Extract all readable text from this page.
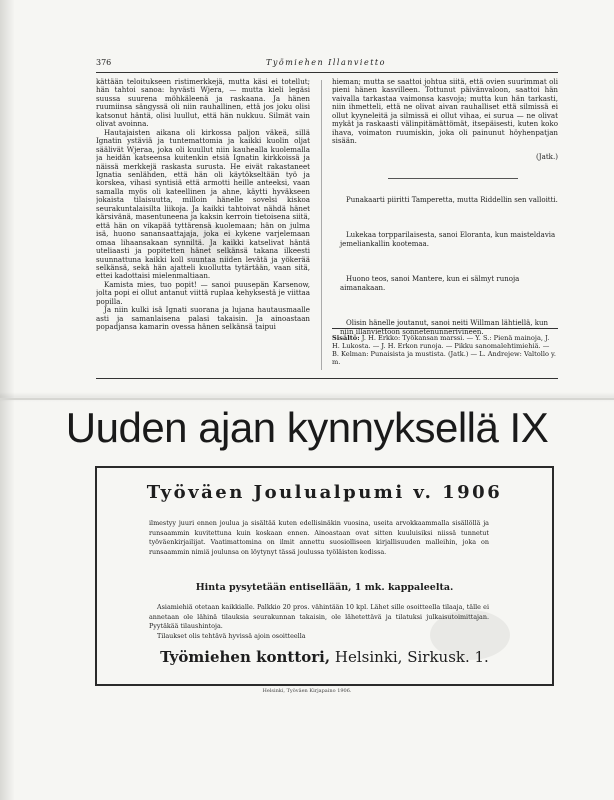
376	Työmiehen Illanvietto

kättään teloitukseen ristimerkkejä, mutta käsi ei totellut; hän tahtoi sanoa: hyvästi Wjera, — mutta kieli legäsi suussa suurena möhkäleenä ja raskaana. Ja hänen ruumiinsa sängyssä oli niin rauhallinen, että jos joku olisi katsonut häntä, olisi luullut, että hän nukkuu. Silmät vain olivat avoinna.

Hautajaisten aikana oli kirkossa paljon väkeä, sillä Ignatin ystäviä ja tuntemattomia ja kaikki kuolin oljat säälivät Wjeraa, joka oli kuullut niin kauhealla kuolemalla ja heidän katseensa kuitenkin etsiä Ignatin kirkkoissä ja näissä merkkejä raskasta surusta. He eivät rakastaneet Ignatia senlähden, että hän oli käytökseltään työ ja korskea, vihasi syntisiä että armotti heille anteeksi, vaan samalla myös oli kateellinen ja ahne, käytti hyväkseen jokaista tilaisuutta, milloin hänelle sovelsi kiskoa seurakuntalaisilta liikoja. Ja kaikki tahtoivat nähdä hänet kärsivänä, masentuneena ja kaksin kerroin tietoisena siitä, että hän on vikapää tyttärensä kuolemaan; hän on julma isä, huono sanansaattajaja, joka ei kykene varjelemaan omaa lihaansakaan synniltä. Ja kaikki katselivat häntä uteliaasti ja popitetten hänet selkänsä takana ilkeesti suunnattuna kaikki koll suuntaa niiden levätä ja yökerää selkänsä, sekä hän ajatteli kuollutta tytärtään, vaan sitä, ettei kadottaisi mielenmaltiaan.

Kamista mies, tuo popit! — sanoi puusepän Karsenow, jolta popi ei ollut antanut viittä ruplaa kehyksestä je viittaa popilla.

Ja niin kulki isä Ignati suorana ja lujana hautausmaalle asti ja samanlaisena palasi takaisin. Ja ainoastaan popadjansa kamarin ovessa hänen selkänsä taipui

hieman; mutta se saattoi johtua siitä, että ovien suurimmat oli pieni hänen kasvilleen. Tottunut päivänvaloon, saattoi hän vaivalla tarkastaa vaimonsa kasvoja; mutta kun hän tarkasti, niin ihmetteli, että ne olivat aivan rauhalliset että silmissä ei ollut kyyneleitä ja silmissä ei ollut vihaa, ei surua — ne olivat mykät ja raskaasti välinpitämättömät, itsepäisesti, kuten koko ihava, voimaton ruumiskin, joka oli painunut höyhenpatjan sisään.

(Jatk.)

Punakaarti piiritti Tamperetta, mutta Riddellin sen valloitti.

Lukekaa torpparilaisesta, sanoi Eloranta, kun maisteldavia jemeliankallin kootemaa.

Huono teos, sanoi Mantere, kun ei sälmyt runoja aimanakaan.

Olisin hänelle joutanut, sanoi neiti Willman lähtiellä, kun niin illanviettoon sonnetenunnerivineen.

Sisältö: J. H. Erkko: Työkansan marssi. — Y. S.: Pienä mainoja, J. H. Lukosta. — J. H. Erkon runoja. — Pikku sanomalehtimiehiä. — B. Kelman: Punaisista ja mustista. (Jatk.) — L. Andrejew: Valtollo y. m.
Uuden ajan kynnyksellä IX
Työväen Joulualpumi v. 1906

ilmestyy juuri ennen joulua ja sisältää kuten edellisinäkin vuosina, useita arvokkaammalla sisällöllä ja runsaammin kuvitettuna kuin koskaan ennen. Ainoastaan ovat sitten kuuluisiksi niissä tunnetut työväenkirjailijat. Vaatimattomina on ilmit annettu suosiolliseen kirjallisuuden malleihin, joka on runsaammin nimiä joulunsa on löytynyt tässä joulussa työläisten kodissa.

Hinta pysytetään entisellään, 1 mk. kappaleelta.

Asiamiehiä otetaan kaikkialle. Palkkio 20 pros. vähintään 10 kpl. Lähet sille osoitteella tilaaja, tälle ei annetaan ole lähinä tilauksia seurakunnan takaisin, ole lähetettävä ja tilatuksi julkaisutoimittajan. Pyytäkää tilaushintoja.

Tilaukset olis tehtävä hyvissä ajoin osoitteella

Työmiehen konttori, Helsinki, Sirkusk. 1.
Helsinki, Työväen Kirjapaino 1906.
